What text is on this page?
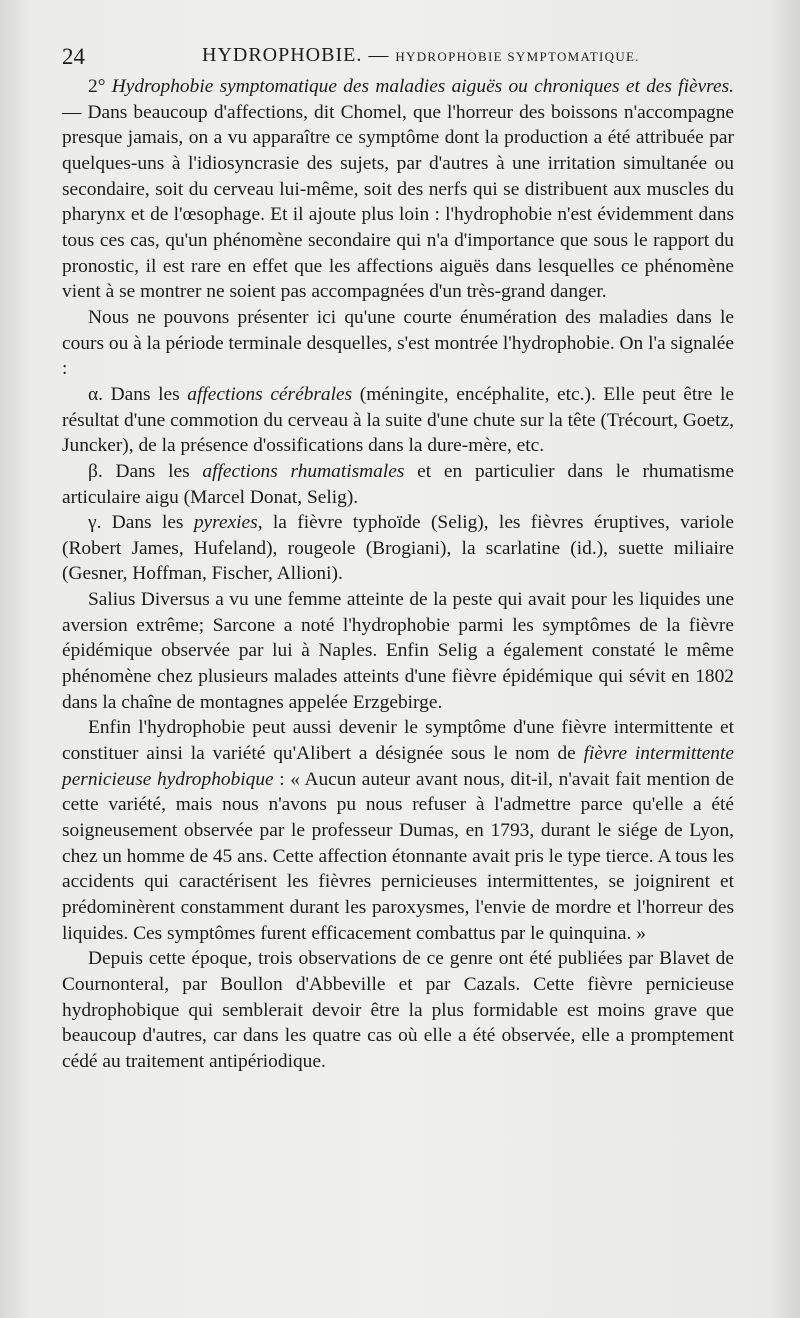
24	HYDROPHOBIE. — HYDROPHOBIE SYMPTOMATIQUE.

2° Hydrophobie symptomatique des maladies aiguës ou chroniques et des fièvres. — Dans beaucoup d'affections, dit Chomel, que l'horreur des boissons n'accompagne presque jamais, on a vu apparaître ce symptôme dont la production a été attribuée par quelques-uns à l'idiosyncrasie des sujets, par d'autres à une irritation simultanée ou secondaire, soit du cerveau lui-même, soit des nerfs qui se distribuent aux muscles du pharynx et de l'œsophage. Et il ajoute plus loin : l'hydrophobie n'est évidemment dans tous ces cas, qu'un phénomène secondaire qui n'a d'importance que sous le rapport du pronostic, il est rare en effet que les affections aiguës dans lesquelles ce phénomène vient à se montrer ne soient pas accompagnées d'un très-grand danger.

Nous ne pouvons présenter ici qu'une courte énumération des maladies dans le cours ou à la période terminale desquelles, s'est montrée l'hydrophobie. On l'a signalée :

α. Dans les affections cérébrales (méningite, encéphalite, etc.). Elle peut être le résultat d'une commotion du cerveau à la suite d'une chute sur la tête (Trécourt, Goetz, Juncker), de la présence d'ossifications dans la dure-mère, etc.

β. Dans les affections rhumatismales et en particulier dans le rhumatisme articulaire aigu (Marcel Donat, Selig).

γ. Dans les pyrexies, la fièvre typhoïde (Selig), les fièvres éruptives, variole (Robert James, Hufeland), rougeole (Brogiani), la scarlatine (id.), suette miliaire (Gesner, Hoffman, Fischer, Allioni).

Salius Diversus a vu une femme atteinte de la peste qui avait pour les liquides une aversion extrême; Sarcone a noté l'hydrophobie parmi les symptômes de la fièvre épidémique observée par lui à Naples. Enfin Selig a également constaté le même phénomène chez plusieurs malades atteints d'une fièvre épidémique qui sévit en 1802 dans la chaîne de montagnes appelée Erzgebirge.

Enfin l'hydrophobie peut aussi devenir le symptôme d'une fièvre intermittente et constituer ainsi la variété qu'Alibert a désignée sous le nom de fièvre intermittente pernicieuse hydrophobique : « Aucun auteur avant nous, dit-il, n'avait fait mention de cette variété, mais nous n'avons pu nous refuser à l'admettre parce qu'elle a été soigneusement observée par le professeur Dumas, en 1793, durant le siége de Lyon, chez un homme de 45 ans. Cette affection étonnante avait pris le type tierce. A tous les accidents qui caractérisent les fièvres pernicieuses intermittentes, se joignirent et prédominèrent constamment durant les paroxysmes, l'envie de mordre et l'horreur des liquides. Ces symptômes furent efficacement combattus par le quinquina. »

Depuis cette époque, trois observations de ce genre ont été publiées par Blavet de Cournonteral, par Boullon d'Abbeville et par Cazals. Cette fièvre pernicieuse hydrophobique qui semblerait devoir être la plus formidable est moins grave que beaucoup d'autres, car dans les quatre cas où elle a été observée, elle a promptement cédé au traitement antipériodique.
